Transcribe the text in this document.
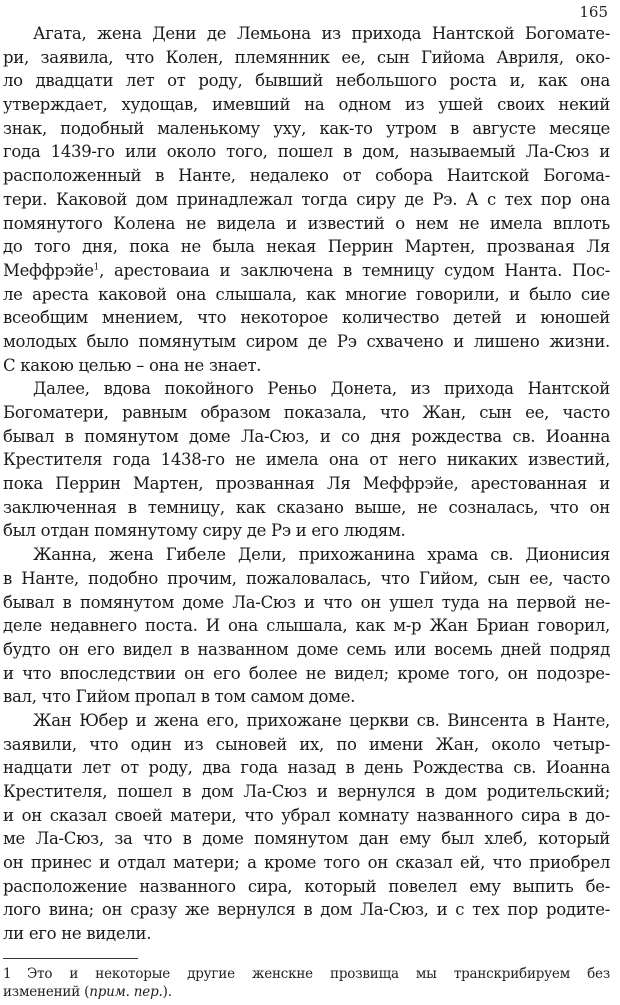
165
Агата, жена Дени де Лемьона из прихода Нантской Богомате-
ри, заявила, что Колен, племянник ее, сын Гийома Авриля, око-
ло двадцати лет от роду, бывший небольшого роста и, как она
утверждает, худощав, имевший на одном из ушей своих некий
знак, подобный маленькому уху, как-то утром в августе месяце
года 1439-го или около того, пошел в дом, называемый Ла-Сюз и
расположенный в Нанте, недалеко от собора Наитской Богома-
тери. Каковой дом принадлежал тогда сиру де Рэ. А с тех пор она
помянутого Колена не видела и известий о нем не имела вплоть
до того дня, пока не была некая Перрин Мартен, прозваная Ля
Меффрэйе$^1$, арестоваиа и заключена в темницу судом Нанта. Пос-
ле ареста каковой она слышала, как многие говорили, и было сие
всеобщим мнением, что некоторое количество детей и юношей
молодых было помянутым сиром де Рэ схвачено и лишено жизни.
С какою целью – она не знает.
Далее, вдова покойного Реньо Донета, из прихода Нантской
Богоматери, равным образом показала, что Жан, сын ее, часто
бывал в помянутом доме Ла-Сюз, и со дня рождества св. Иоанна
Крестителя года 1438-го не имела она от него никаких известий,
пока Перрин Мартен, прозванная Ля Меффрэйе, арестованная и
заключенная в темницу, как сказано выше, не созналась, что он
был отдан помянутому сиру де Рэ и его людям.
Жанна, жена Гибеле Дели, прихожанина храма св. Дионисия
в Нанте, подобно прочим, пожаловалась, что Гийом, сын ее, часто
бывал в помянутом доме Ла-Сюз и что он ушел туда на первой не-
деле недавнего поста. И она слышала, как м-р Жан Бриан говорил,
будто он его видел в названном доме семь или восемь дней подряд
и что впоследствии он его более не видел; кроме того, он подозре-
вал, что Гийом пропал в том самом доме.
Жан Юбер и жена его, прихожане церкви св. Винсента в Нанте,
заявили, что один из сыновей их, по имени Жан, около четыр-
надцати лет от роду, два года назад в день Рождества св. Иоанна
Крестителя, пошел в дом Ла-Сюз и вернулся в дом родительский;
и он сказал своей матери, что убрал комнату названного сира в до-
ме Ла-Сюз, за что в доме помянутом дан ему был хлеб, который
он принес и отдал матери; а кроме того он сказал ей, что приобрел
расположение названного сира, который повелел ему выпить бе-
лого вина; он сразу же вернулся в дом Ла-Сюз, и с тех пор родите-
ли его не видели.
1 Это и некоторые другие женскне прозвища мы транскрибируем без
изменений (прим. пер.).
